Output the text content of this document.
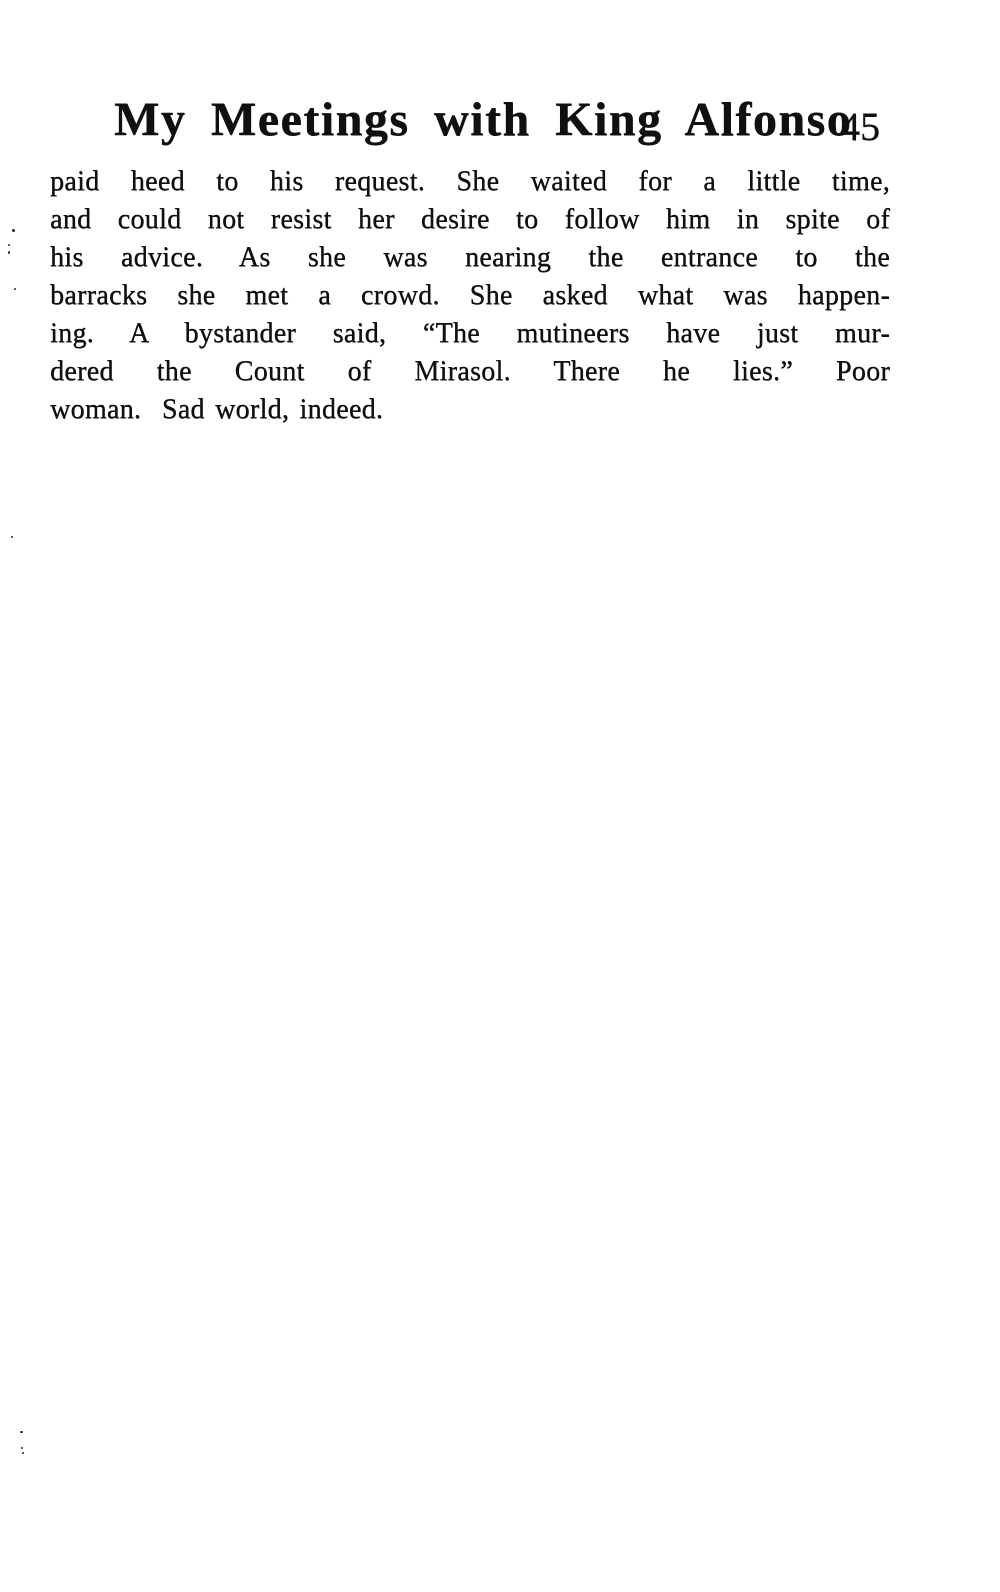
My Meetings with King Alfonso
45
paid heed to his request. She waited for a little time,
and could not resist her desire to follow him in spite of
his advice. As she was nearing the entrance to the
barracks she met a crowd. She asked what was happen-
ing. A bystander said, “The mutineers have just mur-
dered the Count of Mirasol. There he lies.” Poor
woman.  Sad world, indeed.
